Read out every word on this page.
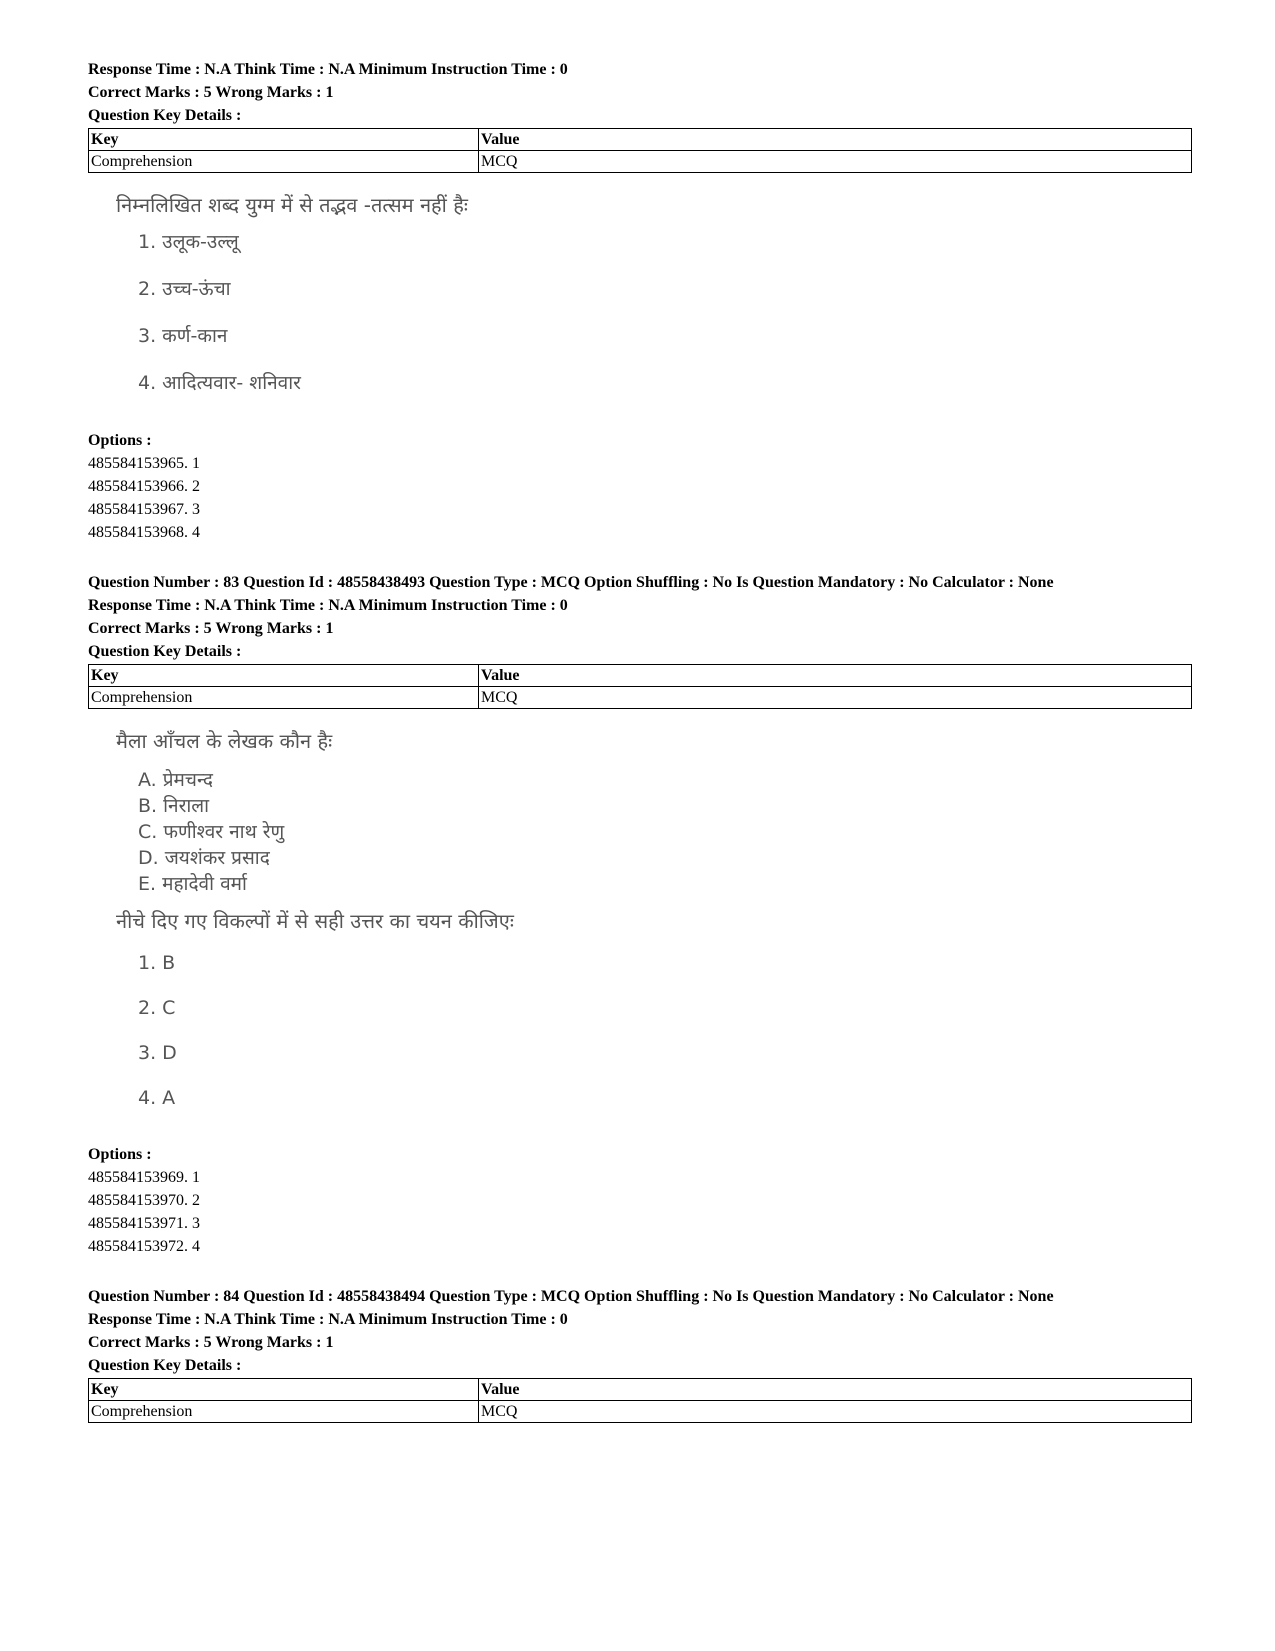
Response Time : N.A Think Time : N.A Minimum Instruction Time : 0
Correct Marks : 5 Wrong Marks : 1
Question Key Details :
Key	Value
Comprehension	MCQ
निम्नलिखित शब्द युग्म में से तद्भव -तत्सम नहीं हैः
1. उलूक-उल्लू
2. उच्च-ऊंचा
3. कर्ण-कान
4. आदित्यवार- शनिवार
Options :
485584153965. 1
485584153966. 2
485584153967. 3
485584153968. 4
Question Number : 83 Question Id : 48558438493 Question Type : MCQ Option Shuffling : No Is Question Mandatory : No Calculator : None
Response Time : N.A Think Time : N.A Minimum Instruction Time : 0
Correct Marks : 5 Wrong Marks : 1
Question Key Details :
Key	Value
Comprehension	MCQ
मैला आँचल के लेखक कौन हैः
A. प्रेमचन्द
B. निराला
C. फणीश्वर नाथ रेणु
D. जयशंकर प्रसाद
E. महादेवी वर्मा
नीचे दिए गए विकल्पों में से सही उत्तर का चयन कीजिएः
1. B
2. C
3. D
4. A
Options :
485584153969. 1
485584153970. 2
485584153971. 3
485584153972. 4
Question Number : 84 Question Id : 48558438494 Question Type : MCQ Option Shuffling : No Is Question Mandatory : No Calculator : None
Response Time : N.A Think Time : N.A Minimum Instruction Time : 0
Correct Marks : 5 Wrong Marks : 1
Question Key Details :
Key	Value
Comprehension	MCQ
